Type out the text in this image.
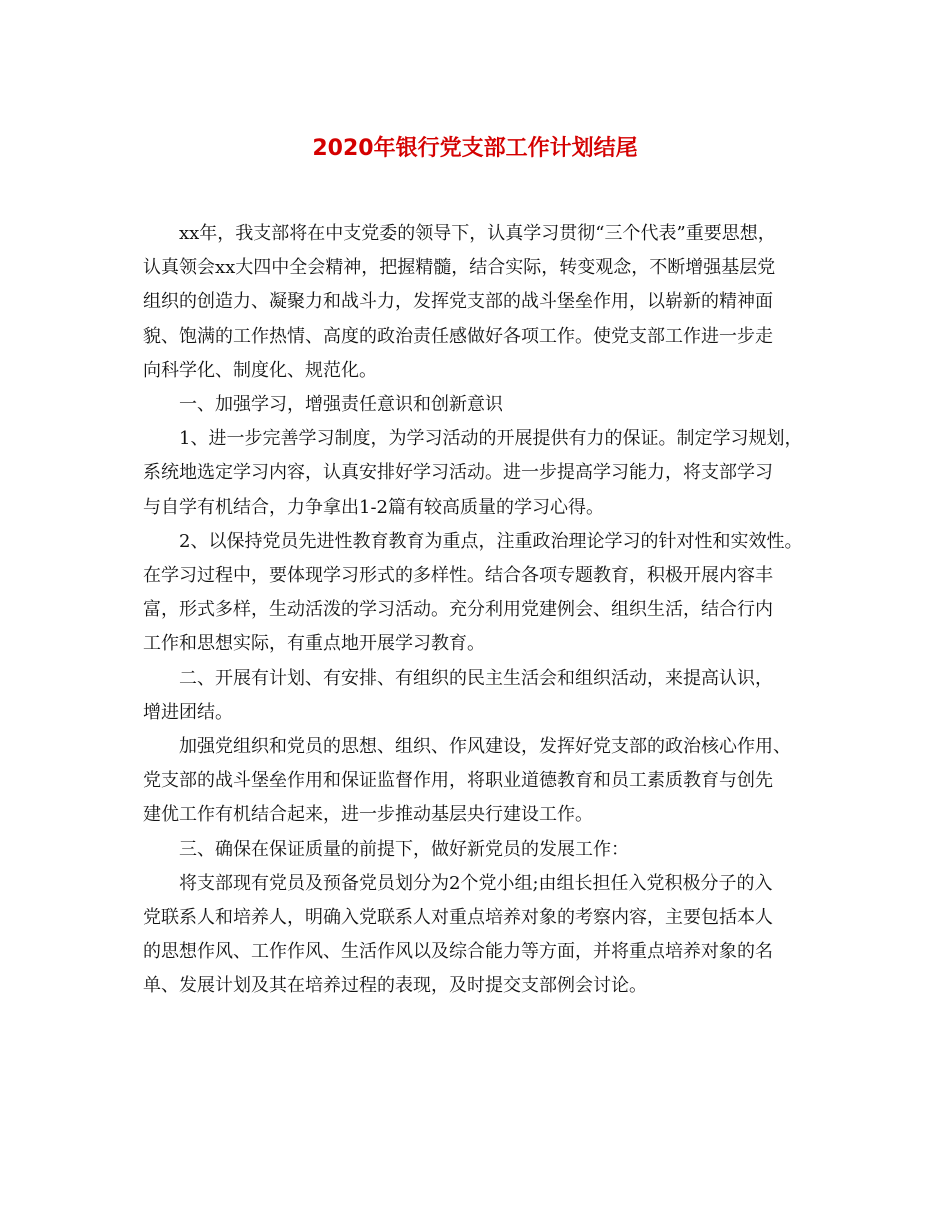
2020年银行党支部工作计划结尾

xx年，我支部将在中支党委的领导下，认真学习贯彻“三个代表”重要思想，
认真领会xx大四中全会精神，把握精髓，结合实际，转变观念，不断增强基层党
组织的创造力、凝聚力和战斗力，发挥党支部的战斗堡垒作用，以崭新的精神面
貌、饱满的工作热情、高度的政治责任感做好各项工作。使党支部工作进一步走
向科学化、制度化、规范化。

一、加强学习，增强责任意识和创新意识

1、进一步完善学习制度，为学习活动的开展提供有力的保证。制定学习规划，
系统地选定学习内容，认真安排好学习活动。进一步提高学习能力，将支部学习
与自学有机结合，力争拿出1-2篇有较高质量的学习心得。

2、以保持党员先进性教育教育为重点，注重政治理论学习的针对性和实效性。
在学习过程中，要体现学习形式的多样性。结合各项专题教育，积极开展内容丰
富，形式多样，生动活泼的学习活动。充分利用党建例会、组织生活，结合行内
工作和思想实际，有重点地开展学习教育。

二、开展有计划、有安排、有组织的民主生活会和组织活动，来提高认识，
增进团结。

加强党组织和党员的思想、组织、作风建设，发挥好党支部的政治核心作用、
党支部的战斗堡垒作用和保证监督作用，将职业道德教育和员工素质教育与创先
建优工作有机结合起来，进一步推动基层央行建设工作。

三、确保在保证质量的前提下，做好新党员的发展工作：

将支部现有党员及预备党员划分为2个党小组;由组长担任入党积极分子的入
党联系人和培养人，明确入党联系人对重点培养对象的考察内容，主要包括本人
的思想作风、工作作风、生活作风以及综合能力等方面，并将重点培养对象的名
单、发展计划及其在培养过程的表现，及时提交支部例会讨论。
